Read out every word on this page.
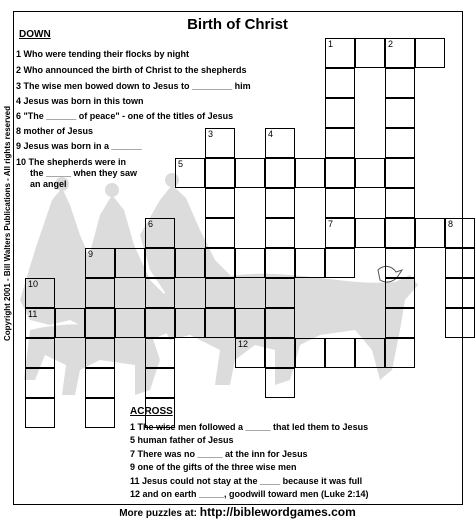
Birth of Christ
Copyright 2001 - Bill Walters Publications - All rights reserved
DOWN
1 Who were tending their flocks by night
2 Who announced the birth of Christ to the shepherds
3 The wise men bowed down to Jesus to ________ him
4 Jesus was born in this town
6 "The ______ of peace" - one of the titles of Jesus
8 mother of Jesus
9 Jesus was born in a ______
10 The shepherds were in
the _____ when they saw
an angel
ACROSS
1 The wise men followed a _____ that led them to Jesus
5 human father of Jesus
7 There was no _____ at the inn for Jesus
9 one of the gifts of the three wise men
11 Jesus could not stay at the ____ because it was full
12 and on earth _____, goodwill toward men (Luke 2:14)
More puzzles at: http://biblewordgames.com
1	2
7
5
3	4
6	8
9
10
11
12
